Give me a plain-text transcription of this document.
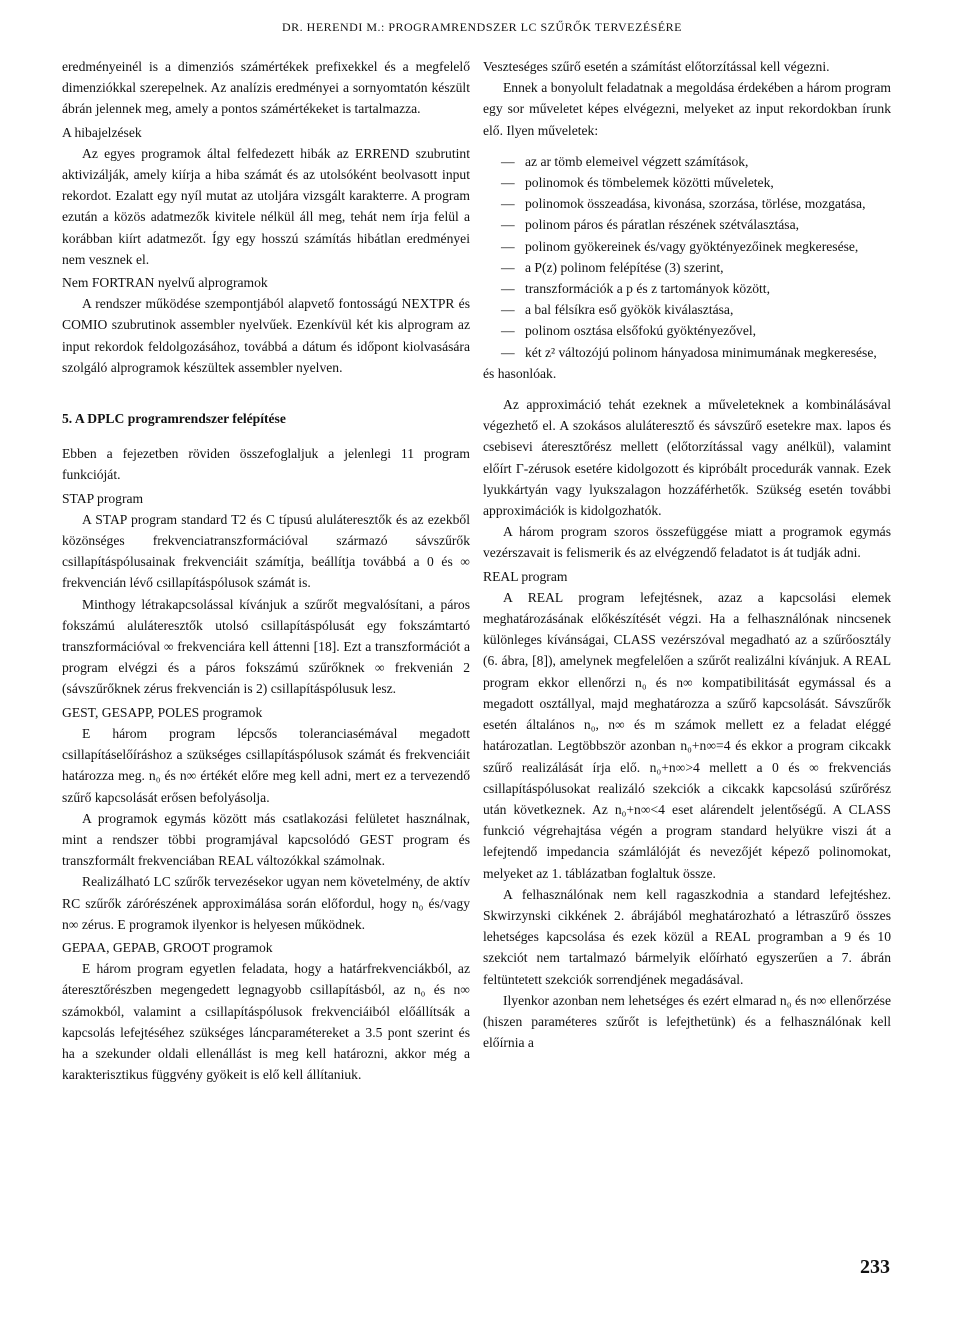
DR. HERENDI M.: PROGRAMRENDSZER LC SZŰRŐK TERVEZÉSÉRE

eredményeinél is a dimenziós számértékek prefixekkel és a megfelelő dimenziókkal szerepelnek. Az analízis eredményei a sornyomtatón készült ábrán jelennek meg, amely a pontos számértékeket is tartalmazza.

A hibajelzések

Az egyes programok által felfedezett hibák az ERREND szubrutint aktivizálják, amely kiírja a hiba számát és az utolsóként beolvasott input rekordot. Ezalatt egy nyíl mutat az utoljára vizsgált karakterre. A program ezután a közös adatmezők kivitele nélkül áll meg, tehát nem írja felül a korábban kiírt adatmezőt. Így egy hosszú számítás hibátlan eredményei nem vesznek el.

Nem FORTRAN nyelvű alprogramok

A rendszer működése szempontjából alapvető fontosságú NEXTPR és COMIO szubrutinok assembler nyelvűek. Ezenkívül két kis alprogram az input rekordok feldolgozásához, továbbá a dátum és időpont kiolvasására szolgáló alprogramok készültek assembler nyelven.

5. A DPLC programrendszer felépítése

Ebben a fejezetben röviden összefoglaljuk a jelenlegi 11 program funkcióját.

STAP program

A STAP program standard T2 és C típusú aluláteresztők és az ezekből közönséges frekvenciatranszformációval származó sávszűrők csillapításpólusainak frekvenciáit számítja, beállítja továbbá a 0 és ∞ frekvencián lévő csillapításpólusok számát is.

Minthogy létrakapcsolással kívánjuk a szűrőt megvalósítani, a páros fokszámú aluláteresztők utolsó csillapításpólusát egy fokszámtartó transzformációval ∞ frekvenciára kell áttenni [18]. Ezt a transzformációt a program elvégzi és a páros fokszámú szűrőknek ∞ frekvenián 2 (sávszűrőknek zérus frekvencián is 2) csillapításpólusuk lesz.

GEST, GESAPP, POLES programok

E három program lépcsős toleranciasémával megadott csillapításelőíráshoz a szükséges csillapításpólusok számát és frekvenciáit határozza meg. n₀ és n∞ értékét előre meg kell adni, mert ez a tervezendő szűrő kapcsolását erősen befolyásolja.

A programok egymás között más csatlakozási felületet használnak, mint a rendszer többi programjával kapcsolódó GEST program és transzformált frekvenciában REAL változókkal számolnak.

Realizálható LC szűrők tervezésekor ugyan nem követelmény, de aktív RC szűrők zárórészének approximálása során előfordul, hogy n₀ és/vagy n∞ zérus. E programok ilyenkor is helyesen működnek.

GEPAA, GEPAB, GROOT programok

E három program egyetlen feladata, hogy a határfrekvenciákból, az áteresztőrészben megengedett legnagyobb csillapításból, az n₀ és n∞ számokból, valamint a csillapításpólusok frekvenciáiból előállítsák a kapcsolás lefejtéséhez szükséges láncparamétereket a 3.5 pont szerint és ha a szekunder oldali ellenállást is meg kell határozni, akkor még a karakterisztikus függvény gyökeit is elő kell állítaniuk.

Veszteséges szűrő esetén a számítást előtorzítással kell végezni.

Ennek a bonyolult feladatnak a megoldása érdekében a három program egy sor műveletet képes elvégezni, melyeket az input rekordokban írunk elő. Ilyen műveletek:

— az ar tömb elemeivel végzett számítások,
— polinomok és tömbelemek közötti műveletek,
— polinomok összeadása, kivonása, szorzása, törlése, mozgatása,
— polinom páros és páratlan részének szétválasztása,
— polinom gyökereinek és/vagy gyöktényezőinek megkeresése,
— a P(z) polinom felépítése (3) szerint,
— transzformációk a p és z tartományok között,
— a bal félsíkra eső gyökök kiválasztása,
— polinom osztása elsőfokú gyöktényezővel,
— két z² változójú polinom hányadosa minimumának megkeresése,

és hasonlóak.

Az approximáció tehát ezeknek a műveleteknek a kombinálásával végezhető el. A szokásos aluláteresztő és sávszűrő esetekre max. lapos és csebisevi áteresztőrész mellett (előtorzítással vagy anélkül), valamint előírt Γ-zérusok esetére kidolgozott és kipróbált procedurák vannak. Ezek lyukkártyán vagy lyukszalagon hozzáférhetők. Szükség esetén további approximációk is kidolgozhatók.

A három program szoros összefüggése miatt a programok egymás vezérszavait is felismerik és az elvégzendő feladatot is át tudják adni.

REAL program

A REAL program lefejtésnek, azaz a kapcsolási elemek meghatározásának előkészítését végzi. Ha a felhasználónak nincsenek különleges kívánságai, CLASS vezérszóval megadható az a szűrőosztály (6. ábra, [8]), amelynek megfelelően a szűrőt realizálni kívánjuk. A REAL program ekkor ellenőrzi n₀ és n∞ kompatibilitását egymással és a megadott osztállyal, majd meghatározza a szűrő kapcsolását. Sávszűrők esetén általános n₀, n∞ és m számok mellett ez a feladat eléggé határozatlan. Legtöbbször azonban n₀+n∞=4 és ekkor a program cikcakk szűrő realizálását írja elő. n₀+n∞>4 mellett a 0 és ∞ frekvenciás csillapításpólusokat realizáló szekciók a cikcakk kapcsolású szűrőrész után következnek. Az n₀+n∞<4 eset alárendelt jelentőségű. A CLASS funkció végrehajtása végén a program standard helyükre viszi át a lefejtendő impedancia számlálóját és nevezőjét képező polinomokat, melyeket az 1. táblázatban foglaltuk össze.

A felhasználónak nem kell ragaszkodnia a standard lefejtéshez. Skwirzynski cikkének 2. ábrájából meghatározható a létraszűrő összes lehetséges kapcsolása és ezek közül a REAL programban a 9 és 10 szekciót nem tartalmazó bármelyik előírható egyszerűen a 7. ábrán feltüntetett szekciók sorrendjének megadásával.

Ilyenkor azonban nem lehetséges és ezért elmarad n₀ és n∞ ellenőrzése (hiszen paraméteres szűrőt is lefejthetünk) és a felhasználónak kell előírnia a

233
